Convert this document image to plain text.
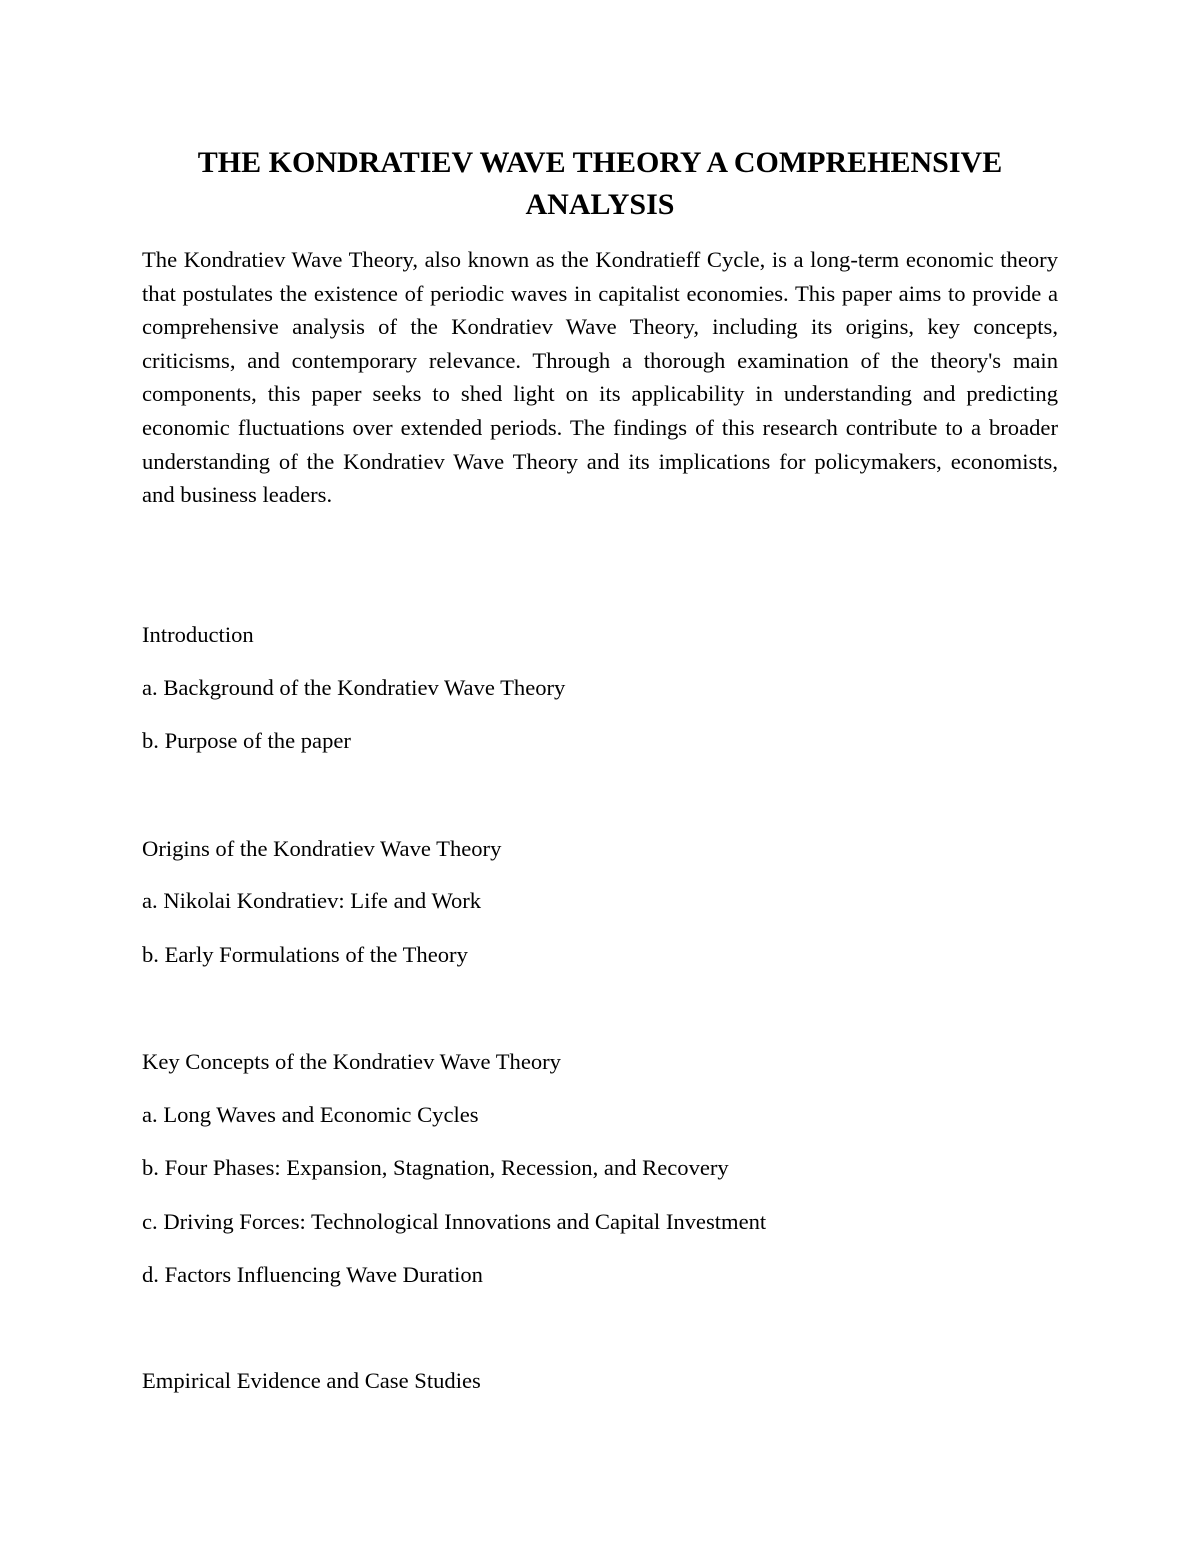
THE KONDRATIEV WAVE THEORY A COMPREHENSIVE ANALYSIS

The Kondratiev Wave Theory, also known as the Kondratieff Cycle, is a long-term economic theory that postulates the existence of periodic waves in capitalist economies. This paper aims to provide a comprehensive analysis of the Kondratiev Wave Theory, including its origins, key concepts, criticisms, and contemporary relevance. Through a thorough examination of the theory's main components, this paper seeks to shed light on its applicability in understanding and predicting economic fluctuations over extended periods. The findings of this research contribute to a broader understanding of the Kondratiev Wave Theory and its implications for policymakers, economists, and business leaders.

Introduction

a. Background of the Kondratiev Wave Theory

b. Purpose of the paper

Origins of the Kondratiev Wave Theory

a. Nikolai Kondratiev: Life and Work

b. Early Formulations of the Theory

Key Concepts of the Kondratiev Wave Theory

a. Long Waves and Economic Cycles

b. Four Phases: Expansion, Stagnation, Recession, and Recovery

c. Driving Forces: Technological Innovations and Capital Investment

d. Factors Influencing Wave Duration

Empirical Evidence and Case Studies
